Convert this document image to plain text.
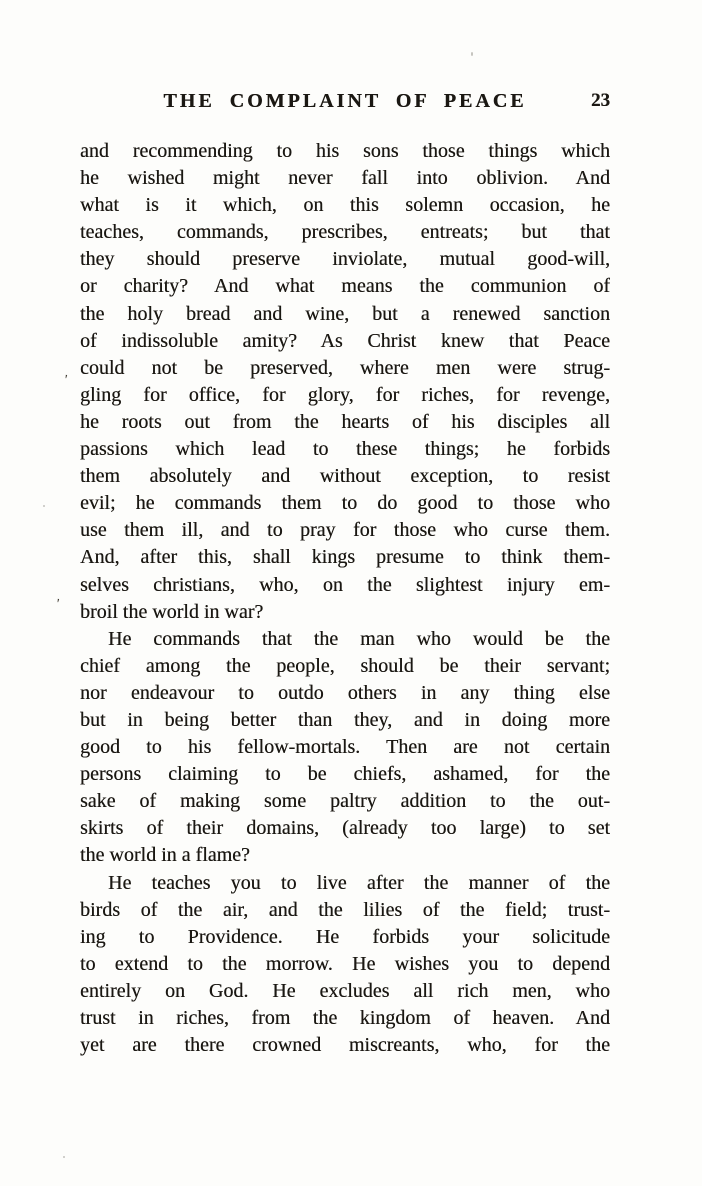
THE COMPLAINT OF PEACE	23
and recommending to his sons those things which
he wished might never fall into oblivion. And
what is it which, on this solemn occasion, he
teaches, commands, prescribes, entreats; but that
they should preserve inviolate, mutual good-will,
or charity? And what means the communion of
the holy bread and wine, but a renewed sanction
of indissoluble amity? As Christ knew that Peace
could not be preserved, where men were strug-
gling for office, for glory, for riches, for revenge,
he roots out from the hearts of his disciples all
passions which lead to these things; he forbids
them absolutely and without exception, to resist
evil; he commands them to do good to those who
use them ill, and to pray for those who curse them.
And, after this, shall kings presume to think them-
selves christians, who, on the slightest injury em-
broil the world in war?
He commands that the man who would be the
chief among the people, should be their servant;
nor endeavour to outdo others in any thing else
but in being better than they, and in doing more
good to his fellow-mortals. Then are not certain
persons claiming to be chiefs, ashamed, for the
sake of making some paltry addition to the out-
skirts of their domains, (already too large) to set
the world in a flame?
He teaches you to live after the manner of the
birds of the air, and the lilies of the field; trust-
ing to Providence. He forbids your solicitude
to extend to the morrow. He wishes you to depend
entirely on God. He excludes all rich men, who
trust in riches, from the kingdom of heaven. And
yet are there crowned miscreants, who, for the
'
'
